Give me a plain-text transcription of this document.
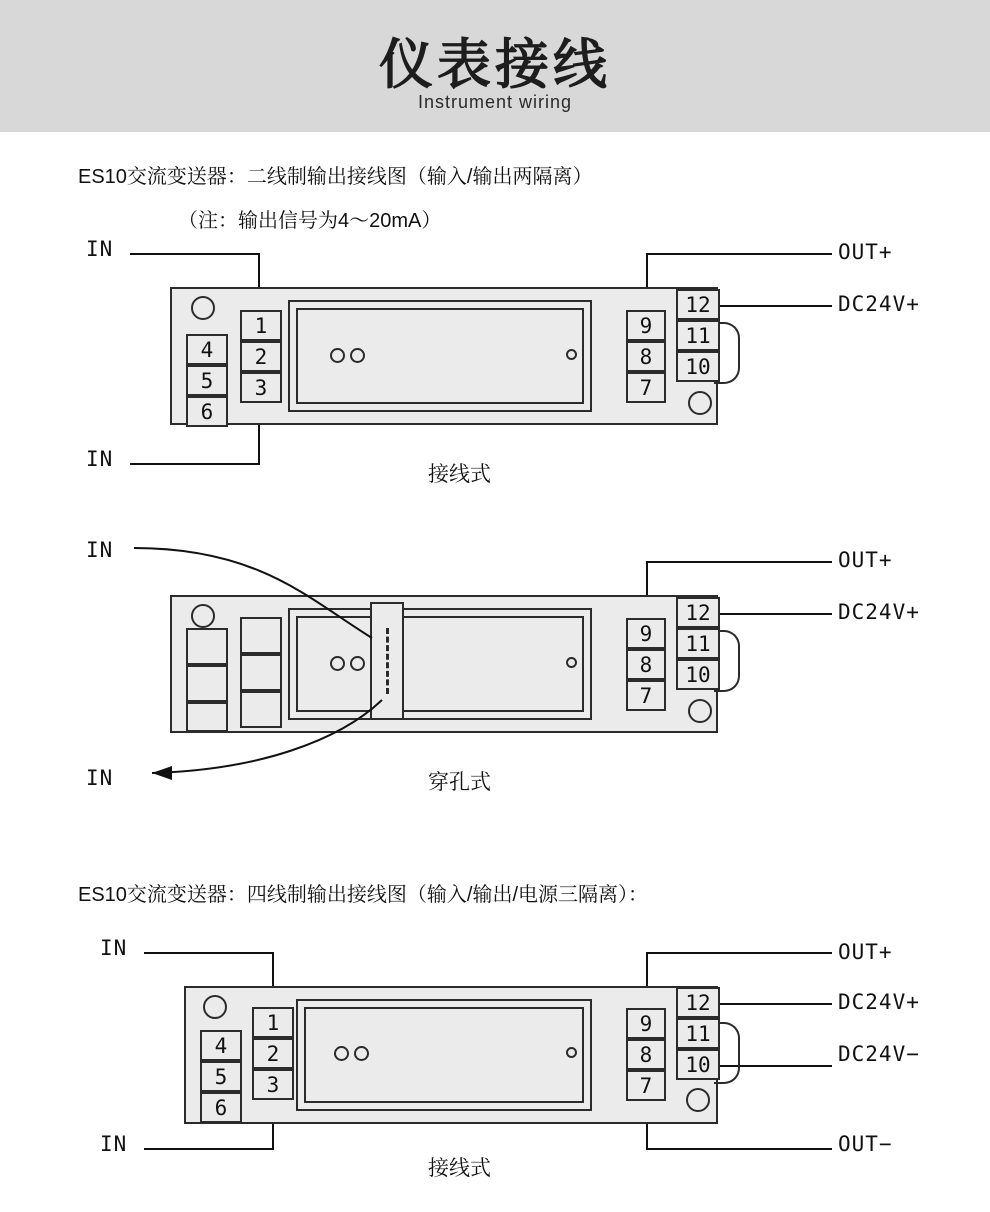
仪表接线
Instrument wiring
ES10交流变送器：二线制输出接线图（输入/输出两隔离）
（注：输出信号为4～20mA）
IN
IN
OUT+
DC24V+
4
5
6
1
2
3
9
8
7
12
11
10
接线式
IN
IN
OUT+
DC24V+
9
8
7
12
11
10
穿孔式
ES10交流变送器：四线制输出接线图（输入/输出/电源三隔离）：
IN
IN
OUT+
DC24V+
DC24V−
OUT−
4
5
6
1
2
3
9
8
7
12
11
10
接线式
